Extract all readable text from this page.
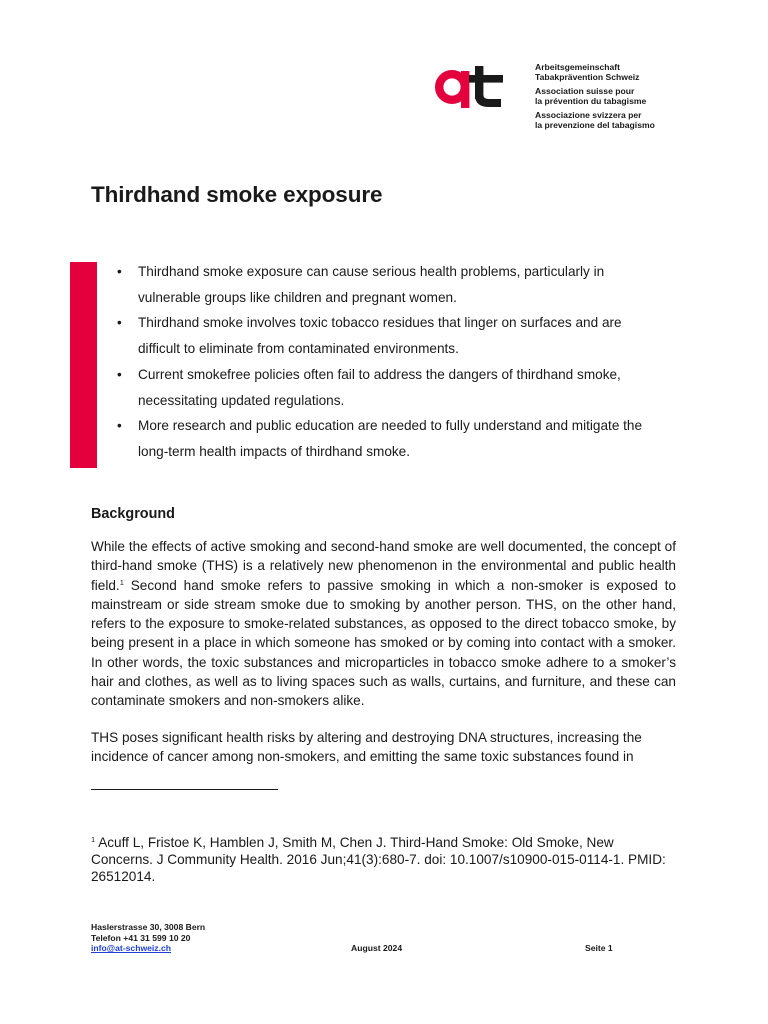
Arbeitsgemeinschaft
Tabakprävention Schweiz
Association suisse pour
la prévention du tabagisme
Associazione svizzera per
la prevenzione del tabagismo
Thirdhand smoke exposure
• Thirdhand smoke exposure can cause serious health problems, particularly in
vulnerable groups like children and pregnant women.
• Thirdhand smoke involves toxic tobacco residues that linger on surfaces and are
difficult to eliminate from contaminated environments.
• Current smokefree policies often fail to address the dangers of thirdhand smoke,
necessitating updated regulations.
• More research and public education are needed to fully understand and mitigate the
long-term health impacts of thirdhand smoke.
Background

While the effects of active smoking and second-hand smoke are well documented, the concept of third-hand smoke (THS) is a relatively new phenomenon in the environmental and public health field.$^1$ Second hand smoke refers to passive smoking in which a non-smoker is exposed to mainstream or side stream smoke due to smoking by another person. THS, on the other hand, refers to the exposure to smoke-related substances, as opposed to the direct tobacco smoke, by being present in a place in which someone has smoked or by coming into contact with a smoker. In other words, the toxic substances and microparticles in tobacco smoke adhere to a smoker’s hair and clothes, as well as to living spaces such as walls, curtains, and furniture, and these can contaminate smokers and non-smokers alike.

THS poses significant health risks by altering and destroying DNA structures, increasing the incidence of cancer among non-smokers, and emitting the same toxic substances found in

$^1$ Acuff L, Fristoe K, Hamblen J, Smith M, Chen J. Third-Hand Smoke: Old Smoke, New Concerns. J Community Health. 2016 Jun;41(3):680-7. doi: 10.1007/s10900-015-0114-1. PMID: 26512014.

Haslerstrasse 30, 3008 Bern
Telefon +41 31 599 10 20
info@at-schweiz.ch	August 2024	Seite 1
